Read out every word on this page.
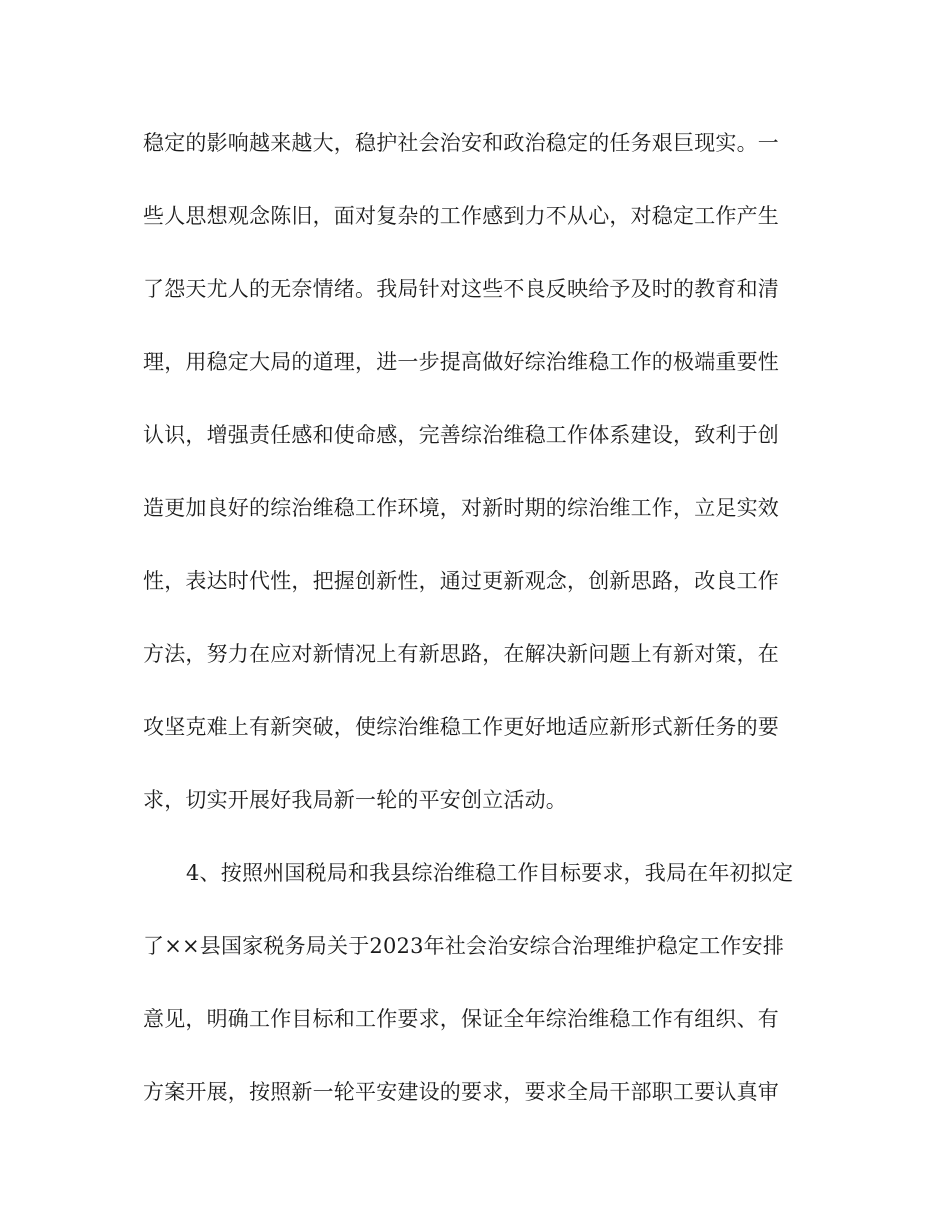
稳定的影响越来越大，稳护社会治安和政治稳定的任务艰巨现实。一
些人思想观念陈旧，面对复杂的工作感到力不从心，对稳定工作产生
了怨天尤人的无奈情绪。我局针对这些不良反映给予及时的教育和清
理，用稳定大局的道理，进一步提高做好综治维稳工作的极端重要性
认识，增强责任感和使命感，完善综治维稳工作体系建设，致利于创
造更加良好的综治维稳工作环境，对新时期的综治维工作，立足实效
性，表达时代性，把握创新性，通过更新观念，创新思路，改良工作
方法，努力在应对新情况上有新思路，在解决新问题上有新对策，在
攻坚克难上有新突破，使综治维稳工作更好地适应新形式新任务的要
求，切实开展好我局新一轮的平安创立活动。
4、按照州国税局和我县综治维稳工作目标要求，我局在年初拟定
了××县国家税务局关于2023年社会治安综合治理维护稳定工作安排
意见，明确工作目标和工作要求，保证全年综治维稳工作有组织、有
方案开展，按照新一轮平安建设的要求，要求全局干部职工要认真审
